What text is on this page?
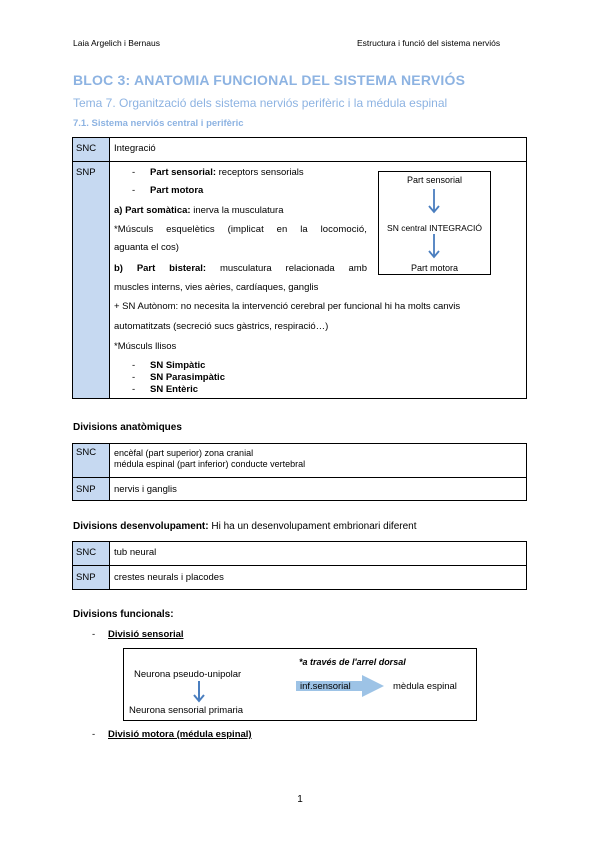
Laia Argelich i Bernaus	Estructura i funció del sistema nerviós
BLOC 3: ANATOMIA FUNCIONAL DEL SISTEMA NERVIÓS
Tema 7. Organització dels sistema nerviós perifèric i la médula espinal
7.1. Sistema nerviós central i perifèric
SNC Integració
SNP	- Part sensorial: receptors sensorials
- Part motora
a) Part somàtica: inerva la musculatura
*Músculs esquelètics (implicat en la locomoció,
aguanta el cos)
b) Part bisteral: musculatura relacionada amb
muscles interns, vies aèries, cardíaques, ganglis
+ SN Autònom: no necesita la intervenció cerebral per funcional hi ha molts canvis
automatitzats (secreció sucs gàstrics, respiració…)
*Músculs llisos
- SN Simpàtic
- SN Parasimpàtic
- SN Entèric
Part sensorial
SN central INTEGRACIÓ
Part motora
Divisions anatòmiques
SNC encèfal (part superior) zona cranial
médula espinal (part inferior) conducte vertebral
SNP nervis i ganglis
Divisions desenvolupament: Hi ha un desenvolupament embrionari diferent
SNC tub neural
SNP crestes neurals i placodes
Divisions funcionals:
- Divisió sensorial
*a través de l'arrel dorsal
Neurona pseudo-unipolar
inf.sensorial	mèdula espinal
Neurona sensorial primaria
- Divisió motora (médula espinal)
1
